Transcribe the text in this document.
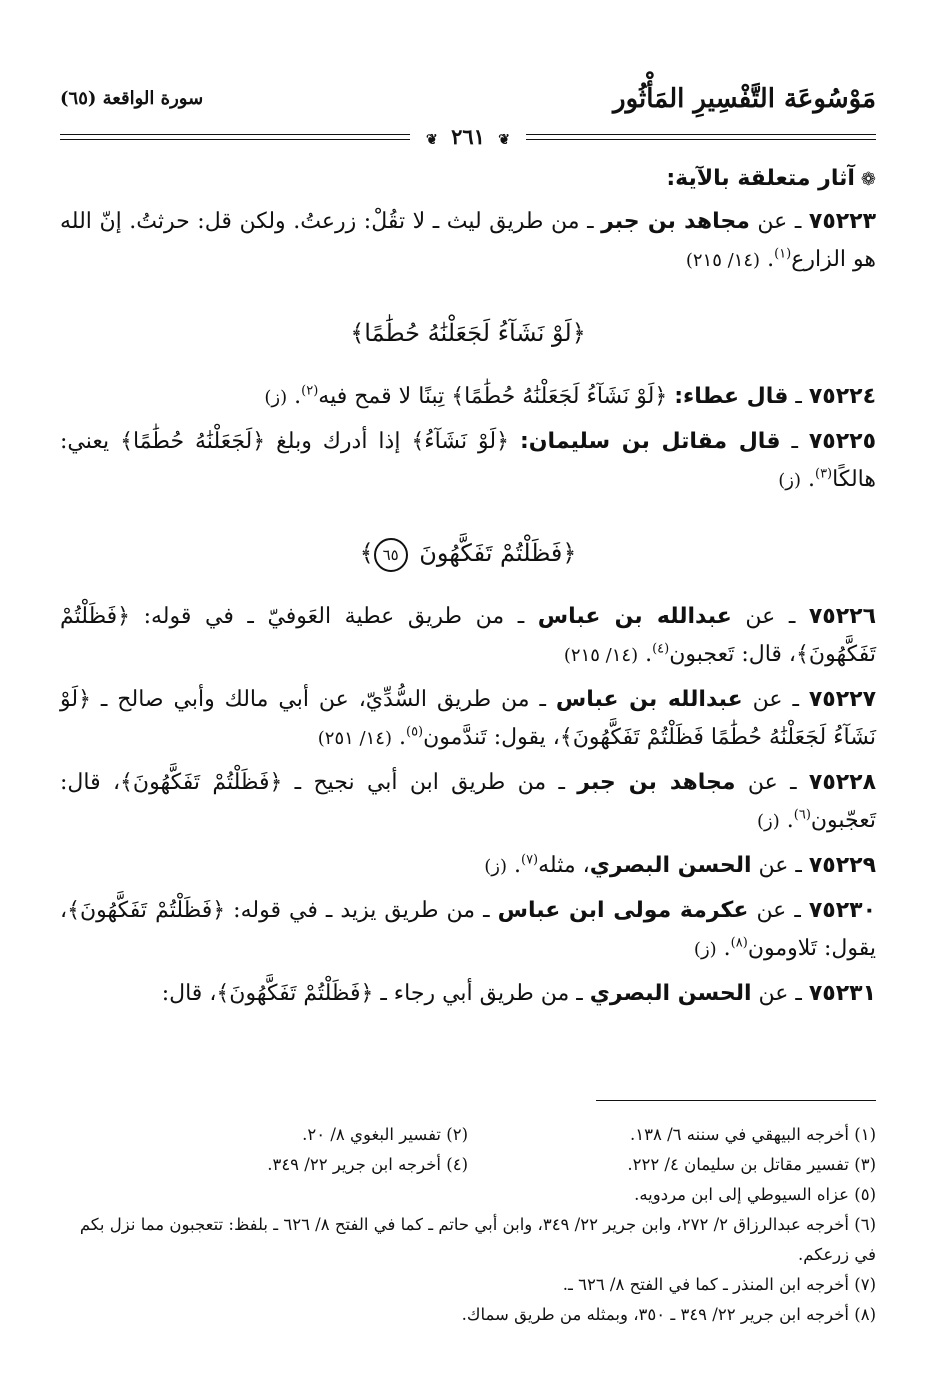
مَوْسُوعَة التَّفْسِيرِ المَأْثُور
سورة الواقعة (٦٥)
❦ ٢٦١ ❦
❁آثار متعلقة بالآية:

٧٥٢٢٣ ـ عن مجاهد بن جبر ـ من طريق ليث ـ لا تقُلْ: زرعتُ. ولكن قل: حرثتُ. إنّ الله هو الزارع$^{(١)}$. (١٤/ ٢١٥)

﴿لَوْ نَشَآءُ لَجَعَلْنَٰهُ حُطَٰمًا﴾

٧٥٢٢٤ ـ قال عطاء: ﴿لَوْ نَشَآءُ لَجَعَلْنَٰهُ حُطَٰمًا﴾ تِبنًا لا قمح فيه$^{(٢)}$. (ز)

٧٥٢٢٥ ـ قال مقاتل بن سليمان: ﴿لَوْ نَشَآءُ﴾ إذا أدرك وبلغ ﴿لَجَعَلْنَٰهُ حُطَٰمًا﴾ يعني: هالكًا$^{(٣)}$. (ز)

﴿فَظَلْتُمْ تَفَكَّهُونَ ٦٥﴾

٧٥٢٢٦ ـ عن عبدالله بن عباس ـ من طريق عطية العَوفيّ ـ في قوله: ﴿فَظَلْتُمْ تَفَكَّهُونَ﴾، قال: تَعجبون$^{(٤)}$. (١٤/ ٢١٥)

٧٥٢٢٧ ـ عن عبدالله بن عباس ـ من طريق السُّدِّيّ، عن أبي مالك وأبي صالح ـ ﴿لَوْ نَشَآءُ لَجَعَلْنَٰهُ حُطَٰمًا فَظَلْتُمْ تَفَكَّهُونَ﴾، يقول: تَندَّمون$^{(٥)}$. (١٤/ ٢٥١)

٧٥٢٢٨ ـ عن مجاهد بن جبر ـ من طريق ابن أبي نجيح ـ ﴿فَظَلْتُمْ تَفَكَّهُونَ﴾، قال: تَعجّبون$^{(٦)}$. (ز)

٧٥٢٢٩ ـ عن الحسن البصري، مثله$^{(٧)}$. (ز)

٧٥٢٣٠ ـ عن عكرمة مولى ابن عباس ـ من طريق يزيد ـ في قوله: ﴿فَظَلْتُمْ تَفَكَّهُونَ﴾، يقول: تَلاومون$^{(٨)}$. (ز)

٧٥٢٣١ ـ عن الحسن البصري ـ من طريق أبي رجاء ـ ﴿فَظَلْتُمْ تَفَكَّهُونَ﴾، قال:

(١) أخرجه البيهقي في سننه ٦/ ١٣٨.

(٢) تفسير البغوي ٨/ ٢٠.

(٣) تفسير مقاتل بن سليمان ٤/ ٢٢٢.

(٤) أخرجه ابن جرير ٢٢/ ٣٤٩.

(٥) عزاه السيوطي إلى ابن مردويه.

(٦) أخرجه عبدالرزاق ٢/ ٢٧٢، وابن جرير ٢٢/ ٣٤٩، وابن أبي حاتم ـ كما في الفتح ٨/ ٦٢٦ ـ بلفظ: تتعجبون مما نزل بكم في زرعكم.

(٧) أخرجه ابن المنذر ـ كما في الفتح ٨/ ٦٢٦ ـ.

(٨) أخرجه ابن جرير ٢٢/ ٣٤٩ ـ ٣٥٠، وبمثله من طريق سماك.
